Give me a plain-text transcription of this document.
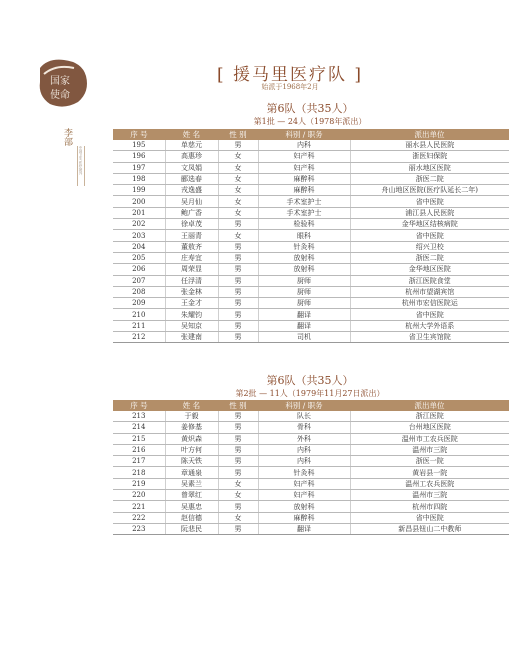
国家
使命
李部
中国卫生·医疗援外
[ 援马里医疗队 ]
始派于1968年2月
第6队（共35人）
第1批 — 24人（1978年派出）
序 号	姓 名	性 别	科别 / 职务	派出单位
195	单慈元	男	内科	丽水县人民医院
196	高惠珍	女	妇产科	浙医妇保院
197	文凤娟	女	妇产科	丽水地区医院
198	郦选春	女	麻醉科	浙医二院
199	戎逸盛	女	麻醉科	舟山地区医院(医疗队延长二年)
200	吴月仙	女	手术室护士	省中医院
201	鲍广香	女	手术室护士	浦江县人民医院
202	徐卓茂	男	检验科	金华地区结核病院
203	王丽青	女	眼科	省中医院
204	董敖齐	男	针灸科	绍兴卫校
205	庄寿宜	男	放射科	浙医二院
206	周荣显	男	放射科	金华地区医院
207	任浮清	男	厨师	浙江医院食堂
208	张金林	男	厨师	杭州市望湖宾馆
209	王金才	男	厨师	杭州市宏信医院运
210	朱耀钧	男	翻译	省中医院
211	吴知京	男	翻译	杭州大学外语系
212	张建南	男	司机	省卫生宾馆院
第6队（共35人）
第2批 — 11人（1979年11月27日派出）
序 号	姓 名	性 别	科别 / 职务	派出单位
213	于毅	男	队长	浙江医院
214	姜修基	男	骨科	台州地区医院
215	黄炽森	男	外科	温州市工农兵医院
216	叶方何	男	内科	温州市三院
217	陈天铁	男	内科	浙医一院
218	章通泉	男	针灸科	黄岩县一院
219	吴素兰	女	妇产科	温州工农兵医院
220	曾翠红	女	妇产科	温州市三院
221	吴惠忠	男	放射科	杭州市四院
222	赵信德	女	麻醉科	省中医院
223	阮悲民	男	翻译	新昌县钮山二中教师
